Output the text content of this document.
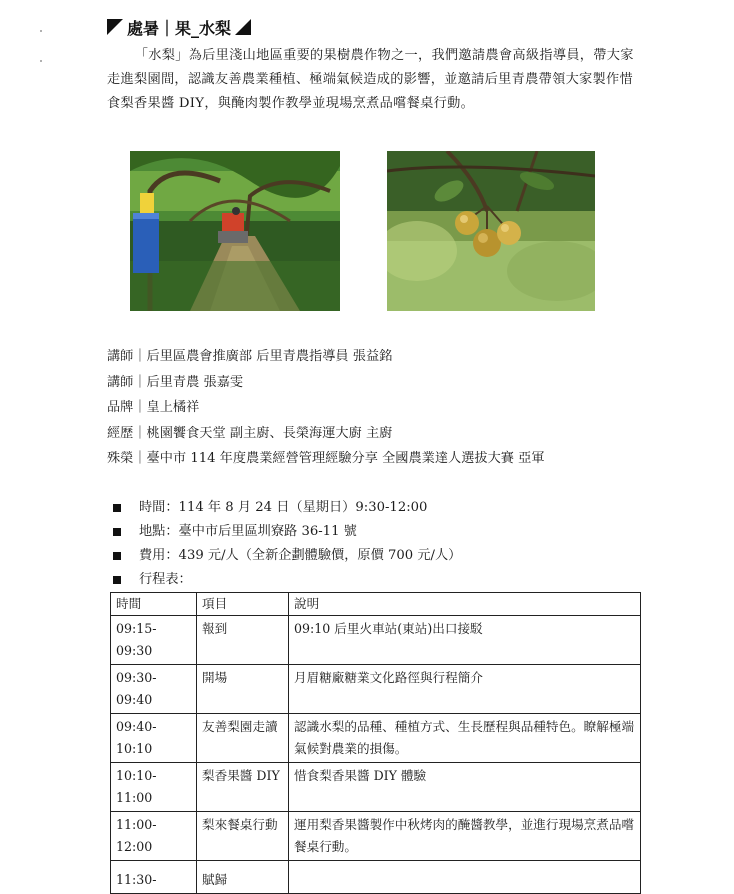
處暑｜果_水梨
「水梨」為后里淺山地區重要的果樹農作物之一，我們邀請農會高級指導員，帶大家走進梨園間，認識友善農業種植、極端氣候造成的影響，並邀請后里青農帶領大家製作惜食梨香果醬 DIY，與醃肉製作教學並現場烹煮品嚐餐桌行動。
講師｜后里區農會推廣部 后里青農指導員 張益銘
講師｜后里青農 張嘉雯
品牌｜皇上橘祥
經歷｜桃園饗食天堂 副主廚、長榮海運大廚 主廚
殊榮｜臺中市 114 年度農業經營管理經驗分享 全國農業達人選拔大賽 亞軍
時間：114 年 8 月 24 日（星期日）9:30-12:00
地點：臺中市后里區圳寮路 36-11 號
費用：439 元/人（全新企劃體驗價，原價 700 元/人）
行程表：
時間	項目	說明
09:15-09:30	報到	09:10 后里火車站(東站)出口接駁
09:30-09:40	開場	月眉糖廠糖業文化路徑與行程簡介
09:40-10:10	友善梨園走讀	認識水梨的品種、種植方式、生長歷程與品種特色。瞭解極端氣候對農業的損傷。
10:10-11:00	梨香果醬 DIY	惜食梨香果醬 DIY 體驗
11:00-12:00	梨來餐桌行動	運用梨香果醬製作中秋烤肉的醃醬教學，並進行現場烹煮品嚐餐桌行動。
11:30-	賦歸	
